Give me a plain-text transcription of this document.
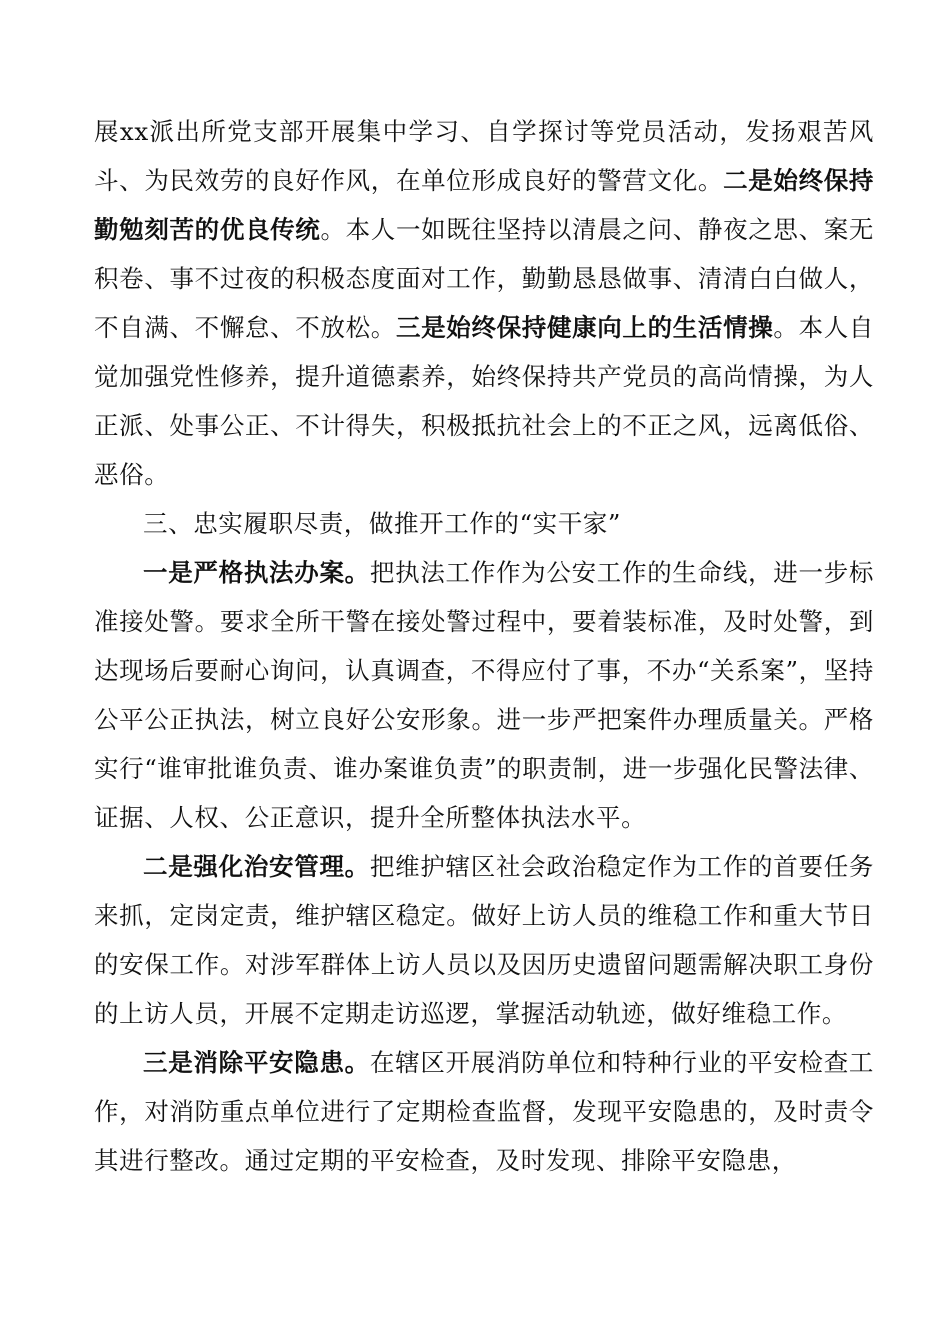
展xx派出所党支部开展集中学习、自学探讨等党员活动，发扬艰苦风斗、为民效劳的良好作风，在单位形成良好的警营文化。二是始终保持勤勉刻苦的优良传统。本人一如既往坚持以清晨之问、静夜之思、案无积卷、事不过夜的积极态度面对工作，勤勤恳恳做事、清清白白做人，不自满、不懈怠、不放松。三是始终保持健康向上的生活情操。本人自觉加强党性修养，提升道德素养，始终保持共产党员的高尚情操，为人正派、处事公正、不计得失，积极抵抗社会上的不正之风，远离低俗、恶俗。

三、忠实履职尽责，做推开工作的“实干家”

一是严格执法办案。把执法工作作为公安工作的生命线，进一步标准接处警。要求全所干警在接处警过程中，要着装标准，及时处警，到达现场后要耐心询问，认真调查，不得应付了事，不办“关系案”，坚持公平公正执法，树立良好公安形象。进一步严把案件办理质量关。严格实行“谁审批谁负责、谁办案谁负责”的职责制，进一步强化民警法律、证据、人权、公正意识，提升全所整体执法水平。

二是强化治安管理。把维护辖区社会政治稳定作为工作的首要任务来抓，定岗定责，维护辖区稳定。做好上访人员的维稳工作和重大节日的安保工作。对涉军群体上访人员以及因历史遗留问题需解决职工身份的上访人员，开展不定期走访巡逻，掌握活动轨迹，做好维稳工作。

三是消除平安隐患。在辖区开展消防单位和特种行业的平安检查工作，对消防重点单位进行了定期检查监督，发现平安隐患的，及时责令其进行整改。通过定期的平安检查，及时发现、排除平安隐患，
